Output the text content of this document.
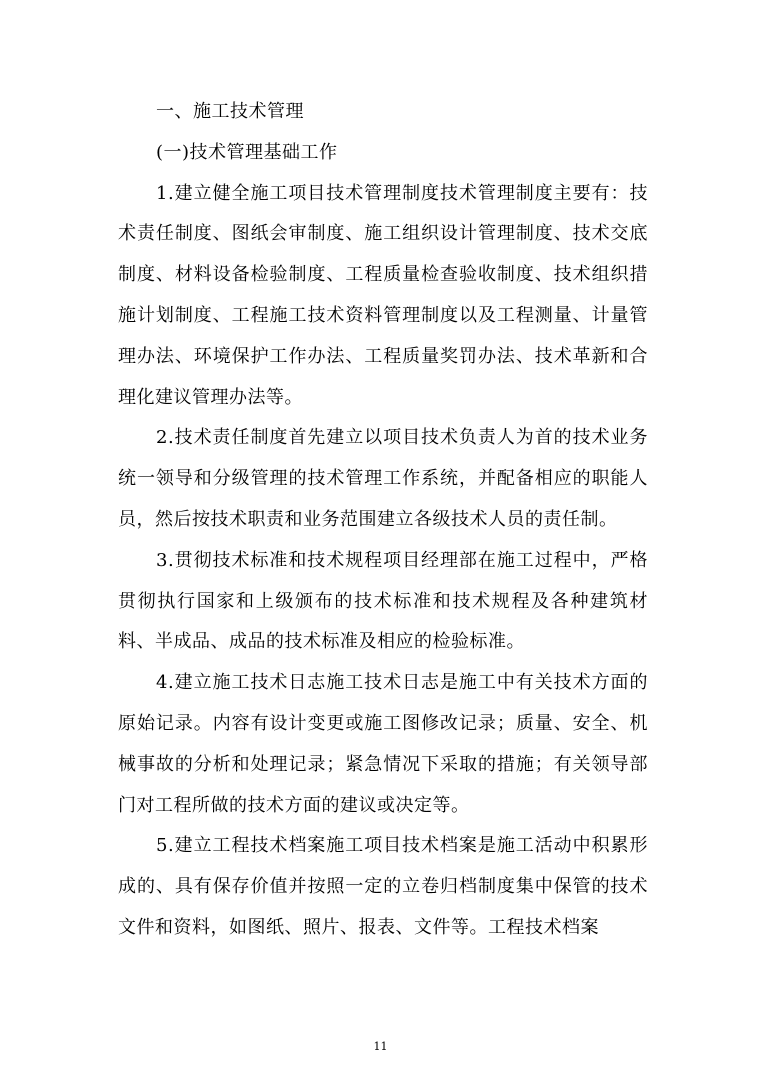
一、施工技术管理
(一)技术管理基础工作

1.建立健全施工项目技术管理制度技术管理制度主要有：技术责任制度、图纸会审制度、施工组织设计管理制度、技术交底制度、材料设备检验制度、工程质量检查验收制度、技术组织措施计划制度、工程施工技术资料管理制度以及工程测量、计量管理办法、环境保护工作办法、工程质量奖罚办法、技术革新和合理化建议管理办法等。

2.技术责任制度首先建立以项目技术负责人为首的技术业务统一领导和分级管理的技术管理工作系统，并配备相应的职能人员，然后按技术职责和业务范围建立各级技术人员的责任制。

3.贯彻技术标准和技术规程项目经理部在施工过程中，严格贯彻执行国家和上级颁布的技术标准和技术规程及各种建筑材料、半成品、成品的技术标准及相应的检验标准。

4.建立施工技术日志施工技术日志是施工中有关技术方面的原始记录。内容有设计变更或施工图修改记录；质量、安全、机械事故的分析和处理记录；紧急情况下采取的措施；有关领导部门对工程所做的技术方面的建议或决定等。

5.建立工程技术档案施工项目技术档案是施工活动中积累形成的、具有保存价值并按照一定的立卷归档制度集中保管的技术文件和资料，如图纸、照片、报表、文件等。工程技术档案

11
